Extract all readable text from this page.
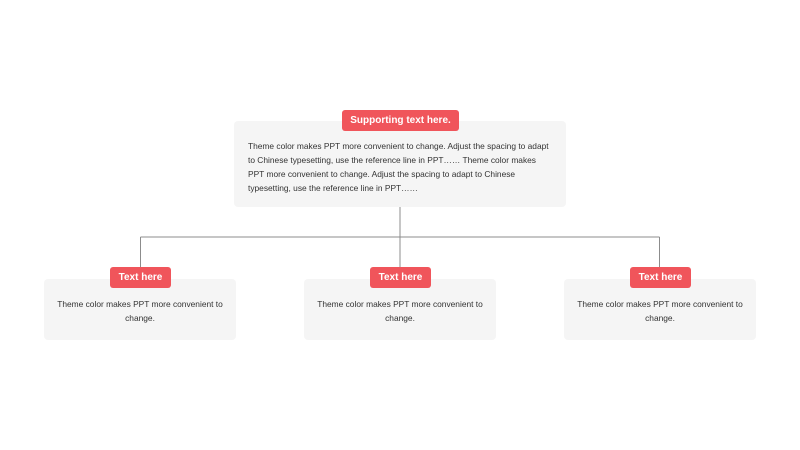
Theme color makes PPT more convenient to change. Adjust the spacing to adapt to Chinese typesetting, use the reference line in PPT…… Theme color makes PPT more convenient to change. Adjust the spacing to adapt to Chinese typesetting, use the reference line in PPT……
Supporting text here.
Theme color makes PPT more convenient to change.
Text here
Theme color makes PPT more convenient to change.
Text here
Theme color makes PPT more convenient to change.
Text here
